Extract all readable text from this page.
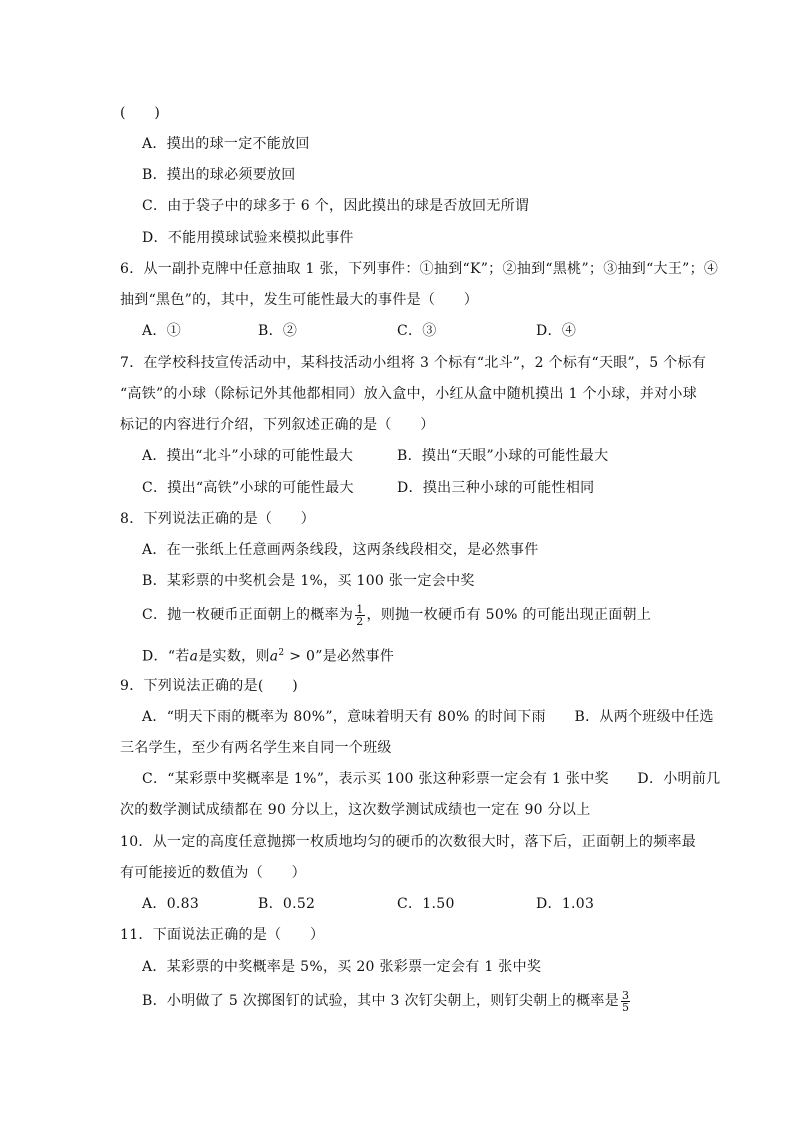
(　　)
A．摸出的球一定不能放回
B．摸出的球必须要放回
C．由于袋子中的球多于 6 个，因此摸出的球是否放回无所谓
D．不能用摸球试验来模拟此事件
6．从一副扑克牌中任意抽取 1 张，下列事件：①抽到“K”；②抽到“黑桃”；③抽到“大王”；④
抽到“黑色”的，其中，发生可能性最大的事件是（　　）
A．①	B．②	C．③	D．④
7．在学校科技宣传活动中，某科技活动小组将 3 个标有“北斗”，2 个标有“天眼”，5 个标有
“高铁”的小球（除标记外其他都相同）放入盒中，小红从盒中随机摸出 1 个小球，并对小球
标记的内容进行介绍，下列叙述正确的是（　　）
A．摸出“北斗”小球的可能性最大	B．摸出“天眼”小球的可能性最大
C．摸出“高铁”小球的可能性最大	D．摸出三种小球的可能性相同
8．下列说法正确的是（　　）
A．在一张纸上任意画两条线段，这两条线段相交，是必然事件
B．某彩票的中奖机会是 1%，买 100 张一定会中奖
C．抛一枚硬币正面朝上的概率为 $\frac{1}{2}$ ，则抛一枚硬币有 50% 的可能出现正面朝上
D．“若a是实数，则$a^2 > 0$”是必然事件
9．下列说法正确的是(　　)
A．“明天下雨的概率为 80%”，意味着明天有 80% 的时间下雨　　B．从两个班级中任选
三名学生，至少有两名学生来自同一个班级
C．“某彩票中奖概率是 1%”，表示买 100 张这种彩票一定会有 1 张中奖　　D．小明前几
次的数学测试成绩都在 90 分以上，这次数学测试成绩也一定在 90 分以上
10．从一定的高度任意抛掷一枚质地均匀的硬币的次数很大时，落下后，正面朝上的频率最
有可能接近的数值为（　　）
A．0.83	B．0.52	C．1.50	D．1.03
11．下面说法正确的是（　　）
A．某彩票的中奖概率是 5%，买 20 张彩票一定会有 1 张中奖
B．小明做了 5 次掷图钉的试验，其中 3 次钉尖朝上，则钉尖朝上的概率是 $\frac{3}{5}$
